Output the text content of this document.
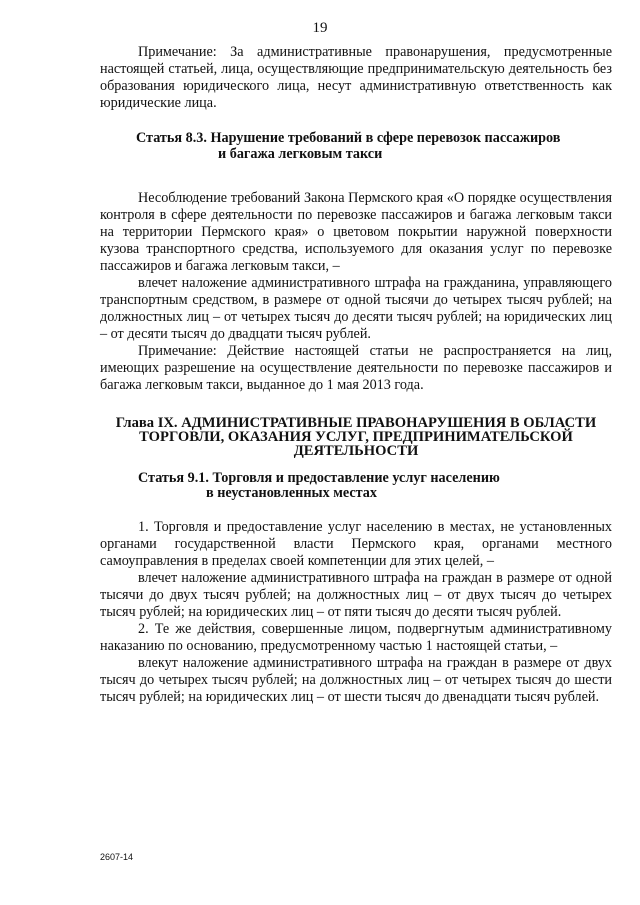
19

Примечание: За административные правонарушения, предусмотренные настоящей статьей, лица, осуществляющие предпринимательскую деятельность без образования юридического лица, несут административную ответственность как юридические лица.

Статья 8.3. Нарушение требований в сфере перевозок пассажиров
и багажа легковым такси

Несоблюдение требований Закона Пермского края «О порядке осуществления контроля в сфере деятельности по перевозке пассажиров и багажа легковым такси на территории Пермского края» о цветовом покрытии наружной поверхности кузова транспортного средства, используемого для оказания услуг по перевозке пассажиров и багажа легковым такси, –

влечет наложение административного штрафа на гражданина, управляющего транспортным средством, в размере от одной тысячи до четырех тысяч рублей; на должностных лиц – от четырех тысяч до десяти тысяч рублей; на юридических лиц – от десяти тысяч до двадцати тысяч рублей.

Примечание: Действие настоящей статьи не распространяется на лиц, имеющих разрешение на осуществление деятельности по перевозке пассажиров и багажа легковым такси, выданное до 1 мая 2013 года.

Глава IX. АДМИНИСТРАТИВНЫЕ ПРАВОНАРУШЕНИЯ В ОБЛАСТИ
ТОРГОВЛИ, ОКАЗАНИЯ УСЛУГ, ПРЕДПРИНИМАТЕЛЬСКОЙ
ДЕЯТЕЛЬНОСТИ
Статья 9.1. Торговля и предоставление услуг населению
в неустановленных местах

1. Торговля и предоставление услуг населению в местах, не установленных органами государственной власти Пермского края, органами местного самоуправления в пределах своей компетенции для этих целей, –

влечет наложение административного штрафа на граждан в размере от одной тысячи до двух тысяч рублей; на должностных лиц – от двух тысяч до четырех тысяч рублей; на юридических лиц – от пяти тысяч до десяти тысяч рублей.

2. Те же действия, совершенные лицом, подвергнутым административному наказанию по основанию, предусмотренному частью 1 настоящей статьи, –

влекут наложение административного штрафа на граждан в размере от двух тысяч до четырех тысяч рублей; на должностных лиц – от четырех тысяч до шести тысяч рублей; на юридических лиц – от шести тысяч до двенадцати тысяч рублей.

2607-14
